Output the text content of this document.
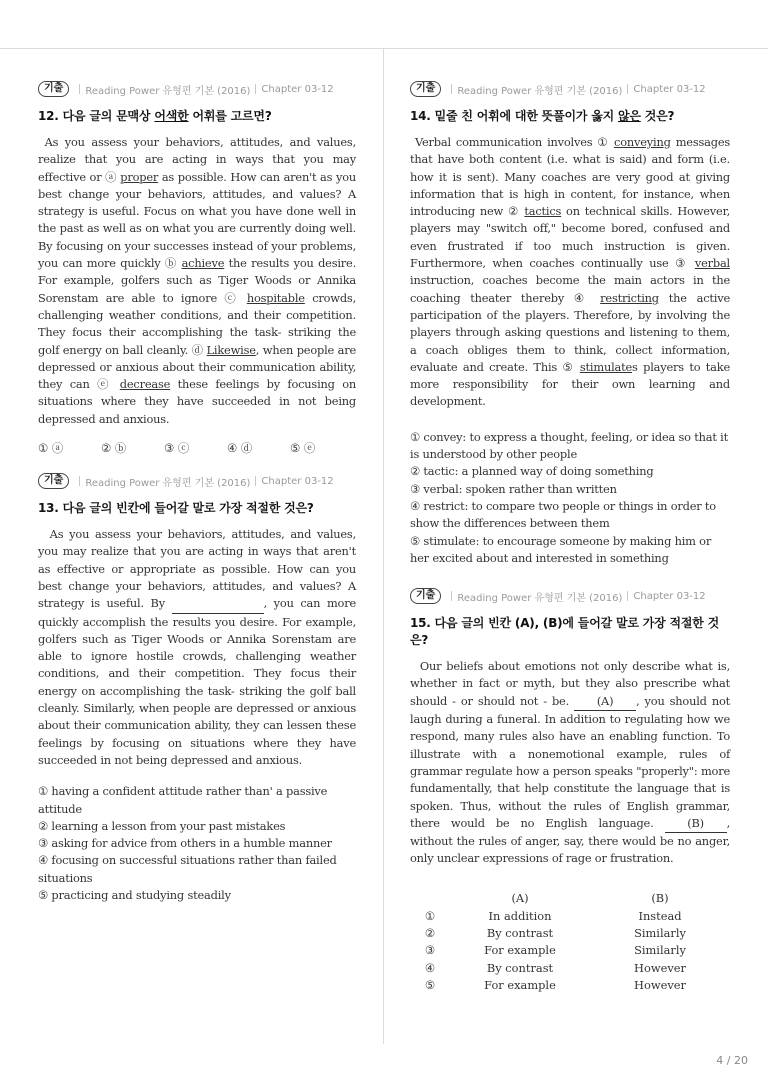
기출	Reading Power 유형편 기본 (2016) Chapter 03-12
12. 다음 글의 문맥상 어색한 어휘를 고르면?
As you assess your behaviors, attitudes, and values, realize that you are acting in ways that you may effective or ⓐ proper as possible. How can aren't as you best change your behaviors, attitudes, and values? A strategy is useful. Focus on what you have done well in the past as well as on what you are currently doing well. By focusing on your successes instead of your problems, you can more quickly ⓑ achieve the results you desire. For example, golfers such as Tiger Woods or Annika Sorenstam are able to ignore ⓒ hospitable crowds, challenging weather conditions, and their competition. They focus their accomplishing the task- striking the golf energy on ball cleanly. ⓓ Likewise, when people are depressed or anxious about their communication ability, they can ⓔ decrease these feelings by focusing on situations where they have succeeded in not being depressed and anxious.
① ⓐ	② ⓑ	③ ⓒ	④ ⓓ	⑤ ⓔ
기출	Reading Power 유형편 기본 (2016) Chapter 03-12
13. 다음 글의 빈칸에 들어갈 말로 가장 적절한 것은?
As you assess your behaviors, attitudes, and values, you may realize that you are acting in ways that aren't as effective or appropriate as possible. How can you best change your behaviors, attitudes, and values? A strategy is useful. By	, you can more quickly accomplish the results you desire. For example, golfers such as Tiger Woods or Annika Sorenstam are able to ignore hostile crowds, challenging weather conditions, and their competition. They focus their energy on accomplishing the task- striking the golf ball cleanly. Similarly, when people are depressed or anxious about their communication ability, they can lessen these feelings by focusing on situations where they have succeeded in not being depressed and anxious.
① having a confident attitude rather than' a passive attitude
② learning a lesson from your past mistakes
③ asking for advice from others in a humble manner
④ focusing on successful situations rather than failed situations
⑤ practicing and studying steadily
기출	Reading Power 유형편 기본 (2016) Chapter 03-12
14. 밑줄 친 어휘에 대한 뜻풀이가 옳지 않은 것은?
Verbal communication involves ① conveying messages that have both content (i.e. what is said) and form (i.e. how it is sent). Many coaches are very good at giving information that is high in content, for instance, when introducing new ② tactics on technical skills. However, players may "switch off," become bored, confused and even frustrated if too much instruction is given. Furthermore, when coaches continually use ③ verbal instruction, coaches become the main actors in the coaching theater thereby ④ restricting the active participation of the players. Therefore, by involving the players through asking questions and listening to them, a coach obliges them to think, collect information, evaluate and create. This ⑤ stimulates players to take more responsibility for their own learning and development.
① convey: to express a thought, feeling, or idea so that it is understood by other people
② tactic: a planned way of doing something
③ verbal: spoken rather than written
④ restrict: to compare two people or things in order to show the differences between them
⑤ stimulate: to encourage someone by making him or her excited about and interested in something
기출	Reading Power 유형편 기본 (2016) Chapter 03-12
15. 다음 글의 빈칸 (A), (B)에 들어갈 말로 가장 적절한 것은?
Our beliefs about emotions not only describe what is, whether in fact or myth, but they also prescribe what should - or should not - be. (A) , you should not laugh during a funeral. In addition to regulating how we respond, many rules also have an enabling function. To illustrate with a nonemotional example, rules of grammar regulate how a person speaks "properly": more fundamentally, that help constitute the language that is spoken. Thus, without the rules of English grammar, there would be no English language. (B) , without the rules of anger, say, there would be no anger, only unclear expressions of rage or frustration.
	(A)	(B)
①	In addition	Instead
②	By contrast	Similarly
③	For example	Similarly
④	By contrast	However
⑤	For example	However
4 / 20
